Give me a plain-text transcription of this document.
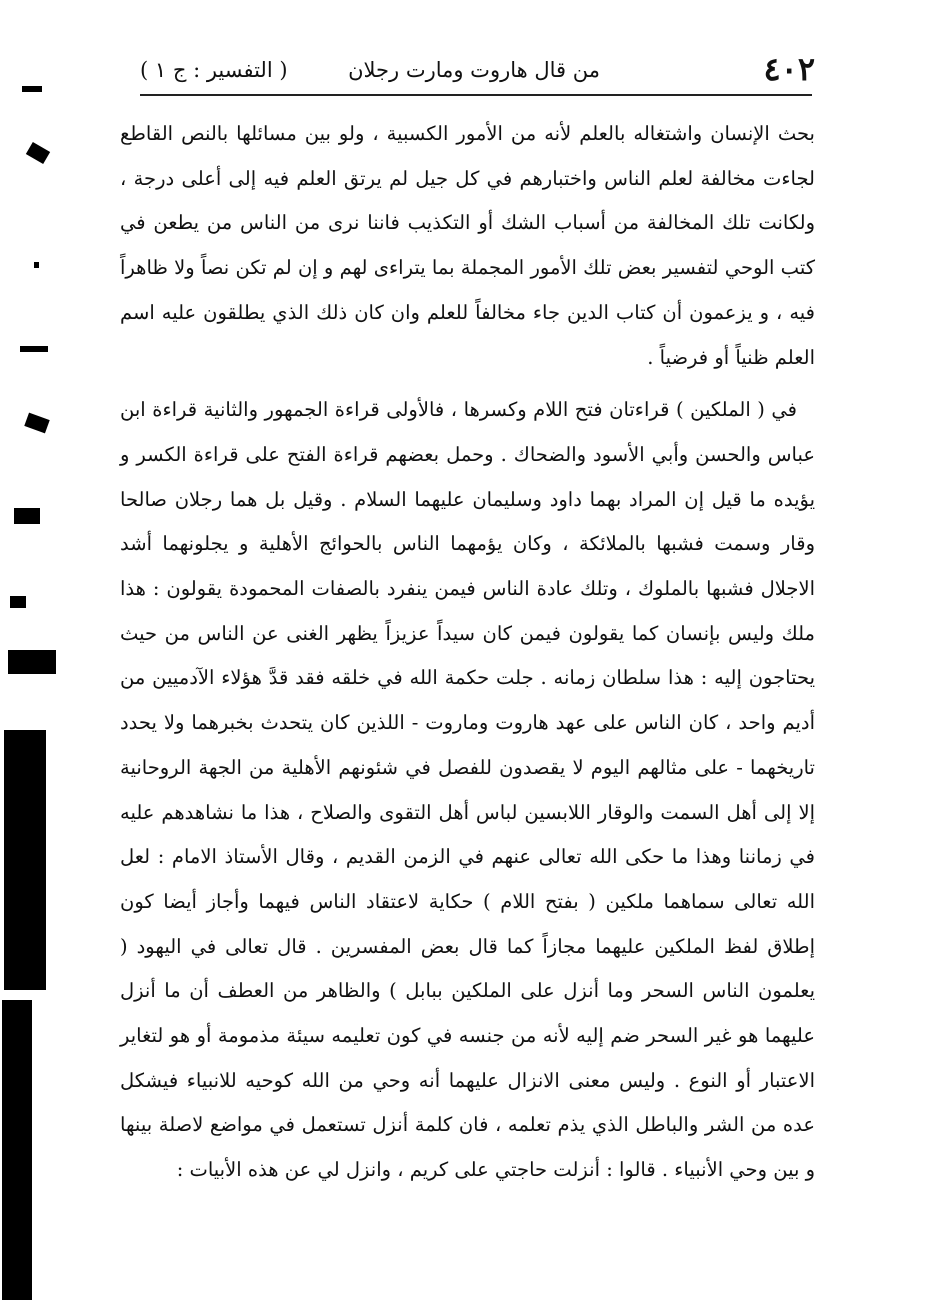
٤٠٢
من قال هاروت ومارت رجلان
( التفسير : ج ١ )

بحث الإنسان واشتغاله بالعلم لأنه من الأمور الكسبية ، ولو بين مسائلها بالنص القاطع لجاءت مخالفة لعلم الناس واختبارهم في كل جيل لم يرتق العلم فيه إلى أعلى درجة ، ولكانت تلك المخالفة من أسباب الشك أو التكذيب فاننا نرى من الناس من يطعن في كتب الوحي لتفسير بعض تلك الأمور المجملة بما يتراءى لهم و إن لم تكن نصاً ولا ظاهراً فيه ، و يزعمون أن كتاب الدين جاء مخالفاً للعلم وان كان ذلك الذي يطلقون عليه اسم العلم ظنياً أو فرضياً .

في ( الملكين ) قراءتان فتح اللام وكسرها ، فالأولى قراءة الجمهور والثانية قراءة ابن عباس والحسن وأبي الأسود والضحاك . وحمل بعضهم قراءة الفتح على قراءة الكسر و يؤيده ما قيل إن المراد بهما داود وسليمان عليهما السلام . وقيل بل هما رجلان صالحا وقار وسمت فشبها بالملائكة ، وكان يؤمهما الناس بالحوائج الأهلية و يجلونهما أشد الاجلال فشبها بالملوك ، وتلك عادة الناس فيمن ينفرد بالصفات المحمودة يقولون : هذا ملك وليس بإنسان كما يقولون فيمن كان سيداً عزيزاً يظهر الغنى عن الناس من حيث يحتاجون إليه : هذا سلطان زمانه . جلت حكمة الله في خلقه فقد قدَّ هؤلاء الآدميين من أديم واحد ، كان الناس على عهد هاروت وماروت - اللذين كان يتحدث بخبرهما ولا يحدد تاريخهما - على مثالهم اليوم لا يقصدون للفصل في شئونهم الأهلية من الجهة الروحانية إلا إلى أهل السمت والوقار اللابسين لباس أهل التقوى والصلاح ، هذا ما نشاهدهم عليه في زماننا وهذا ما حكى الله تعالى عنهم في الزمن القديم ، وقال الأستاذ الامام : لعل الله تعالى سماهما ملكين ( بفتح اللام ) حكاية لاعتقاد الناس فيهما وأجاز أيضا كون إطلاق لفظ الملكين عليهما مجازاً كما قال بعض المفسرين . قال تعالى في اليهود ( يعلمون الناس السحر وما أنزل على الملكين ببابل ) والظاهر من العطف أن ما أنزل عليهما هو غير السحر ضم إليه لأنه من جنسه في كون تعليمه سيئة مذمومة أو هو لتغاير الاعتبار أو النوع . وليس معنى الانزال عليهما أنه وحي من الله كوحيه للانبياء فيشكل عده من الشر والباطل الذي يذم تعلمه ، فان كلمة أنزل تستعمل في مواضع لاصلة بينها و بين وحي الأنبياء . قالوا : أنزلت حاجتي على كريم ، وانزل لي عن هذه الأبيات :
